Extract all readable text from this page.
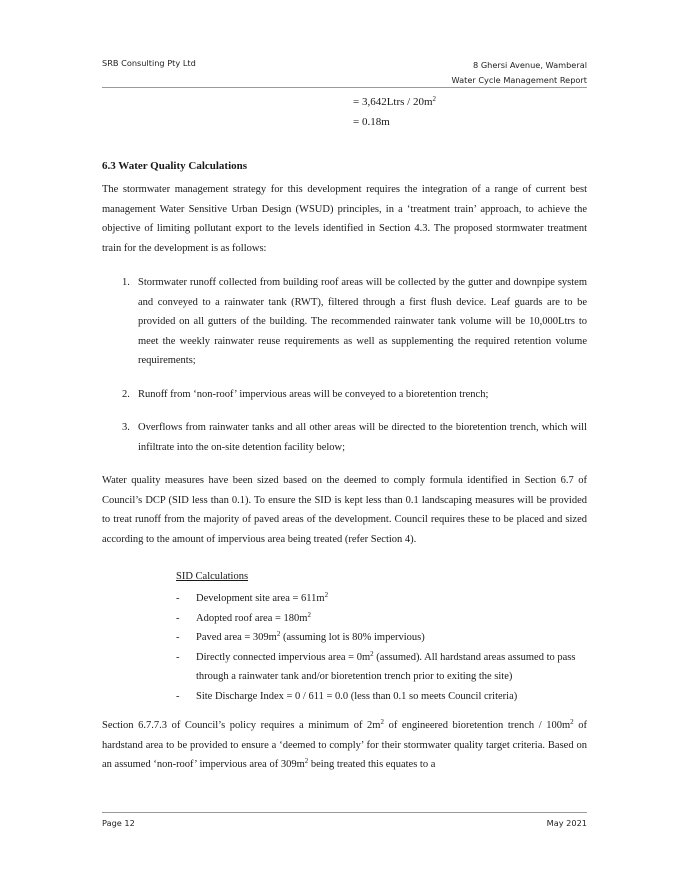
SRB Consulting Pty Ltd	8 Ghersi Avenue, Wamberal
Water Cycle Management Report
= 3,642Ltrs / $20m^2$
= 0.18m
6.3 Water Quality Calculations
The stormwater management strategy for this development requires the integration of a range of current best management Water Sensitive Urban Design (WSUD) principles, in a ‘treatment train’ approach, to achieve the objective of limiting pollutant export to the levels identified in Section 4.3. The proposed stormwater treatment train for the development is as follows:
1. Stormwater runoff collected from building roof areas will be collected by the gutter and downpipe system and conveyed to a rainwater tank (RWT), filtered through a first flush device. Leaf guards are to be provided on all gutters of the building. The recommended rainwater tank volume will be 10,000Ltrs to meet the weekly rainwater reuse requirements as well as supplementing the required retention volume requirements;
2. Runoff from ‘non-roof’ impervious areas will be conveyed to a bioretention trench;
3. Overflows from rainwater tanks and all other areas will be directed to the bioretention trench, which will infiltrate into the on-site detention facility below;
Water quality measures have been sized based on the deemed to comply formula identified in Section 6.7 of Council’s DCP (SID less than 0.1). To ensure the SID is kept less than 0.1 landscaping measures will be provided to treat runoff from the majority of paved areas of the development. Council requires these to be placed and sized according to the amount of impervious area being treated (refer Section 4).
SID Calculations
- Development site area = $611m^2$
- Adopted roof area = $180m^2$
- Paved area = $309m^2$ (assuming lot is 80% impervious)
- Directly connected impervious area = $0m^2$ (assumed). All hardstand areas assumed to pass through a rainwater tank and/or bioretention trench prior to exiting the site)
- Site Discharge Index = 0 / 611 = 0.0 (less than 0.1 so meets Council criteria)
Section 6.7.7.3 of Council’s policy requires a minimum of $2m^2$ of engineered bioretention trench / $100m^2$ of hardstand area to be provided to ensure a ‘deemed to comply’ for their stormwater quality target criteria. Based on an assumed ‘non-roof’ impervious area of $309m^2$ being treated this equates to a
Page 12	May 2021
